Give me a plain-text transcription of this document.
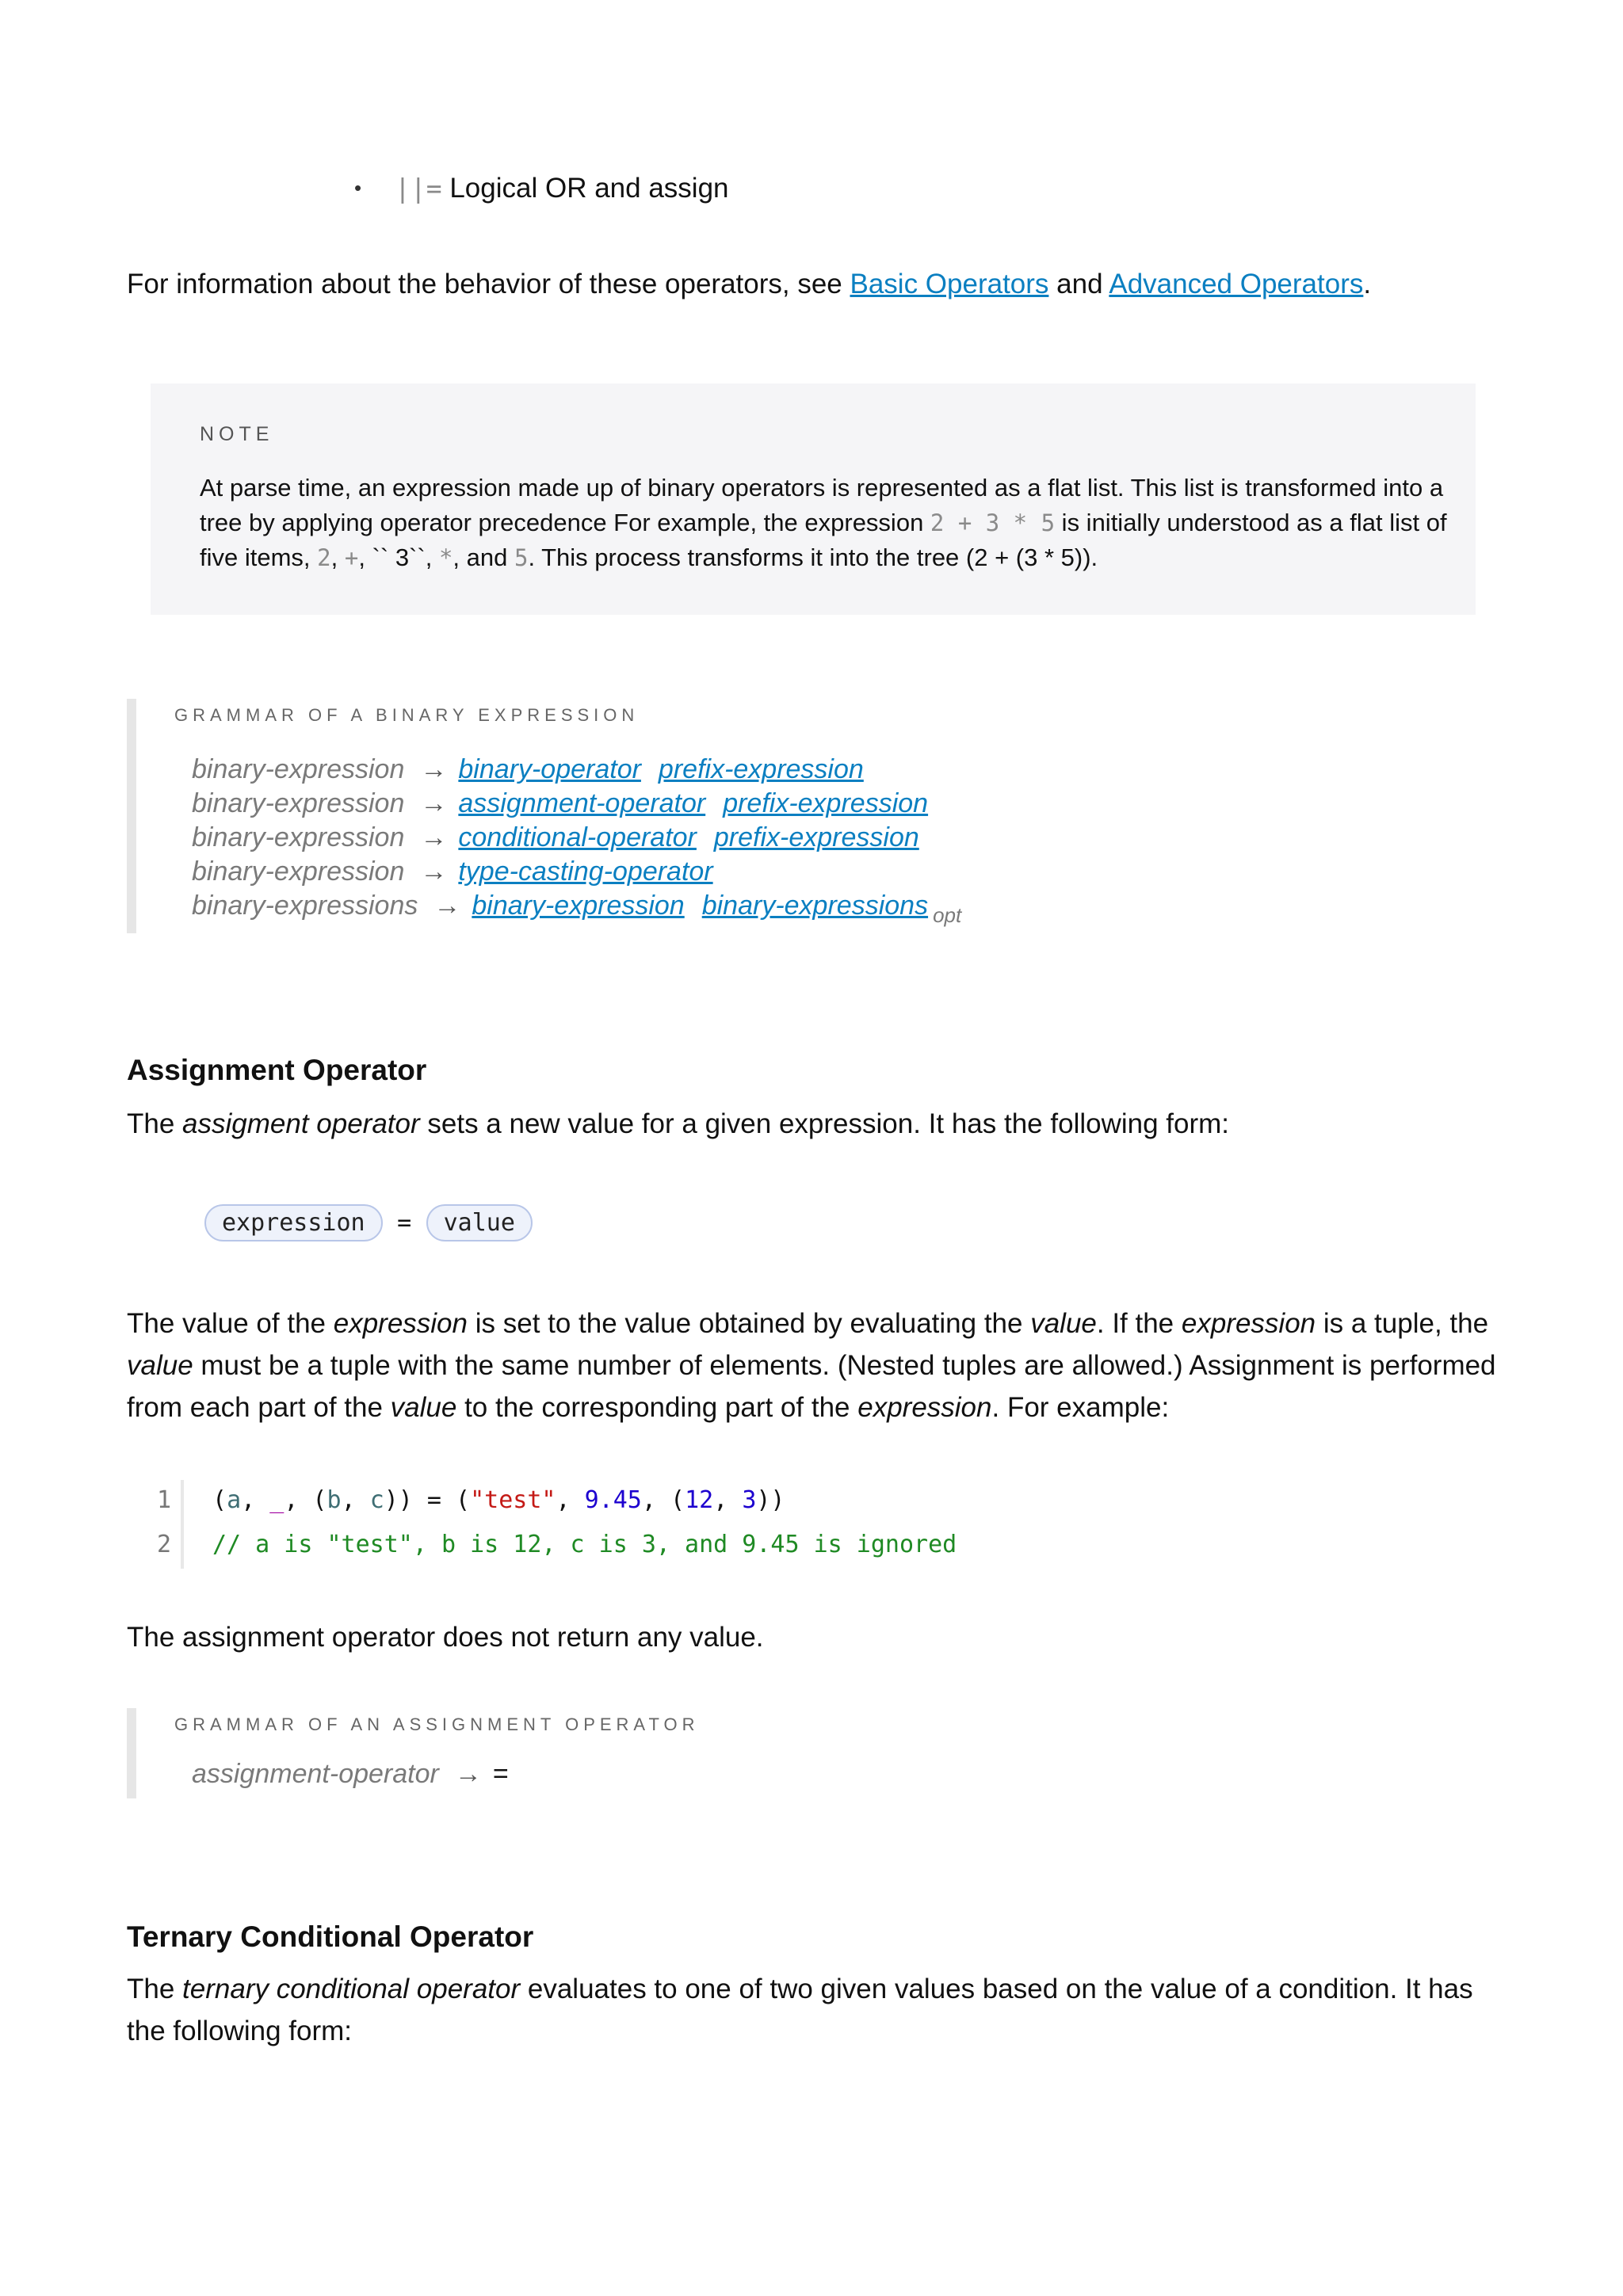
• ||= Logical OR and assign

For information about the behavior of these operators, see Basic Operators and Advanced Operators.

NOTE

At parse time, an expression made up of binary operators is represented as a flat list. This list is transformed into a tree by applying operator precedence For example, the expression 2 + 3 * 5 is initially understood as a flat list of five items, 2, +, `` 3``, *, and 5. This process transforms it into the tree (2 + (3 * 5)).

GRAMMAR OF A BINARY EXPRESSION
binary-expression → binary-operator prefix-expression
binary-expression → assignment-operator prefix-expression
binary-expression → conditional-operator prefix-expression
binary-expression → type-casting-operator
binary-expressions → binary-expression binary-expressions $_{opt}$
Assignment Operator

The assigment operator sets a new value for a given expression. It has the following form:

expression = value

The value of the expression is set to the value obtained by evaluating the value. If the expression is a tuple, the value must be a tuple with the same number of elements. (Nested tuples are allowed.) Assignment is performed from each part of the value to the corresponding part of the expression. For example:

1
2
(a, _, (b, c)) = ("test", 9.45, (12, 3))
// a is "test", b is 12, c is 3, and 9.45 is ignored

The assignment operator does not return any value.

GRAMMAR OF AN ASSIGNMENT OPERATOR
assignment-operator → =
Ternary Conditional Operator

The ternary conditional operator evaluates to one of two given values based on the value of a condition. It has the following form:
